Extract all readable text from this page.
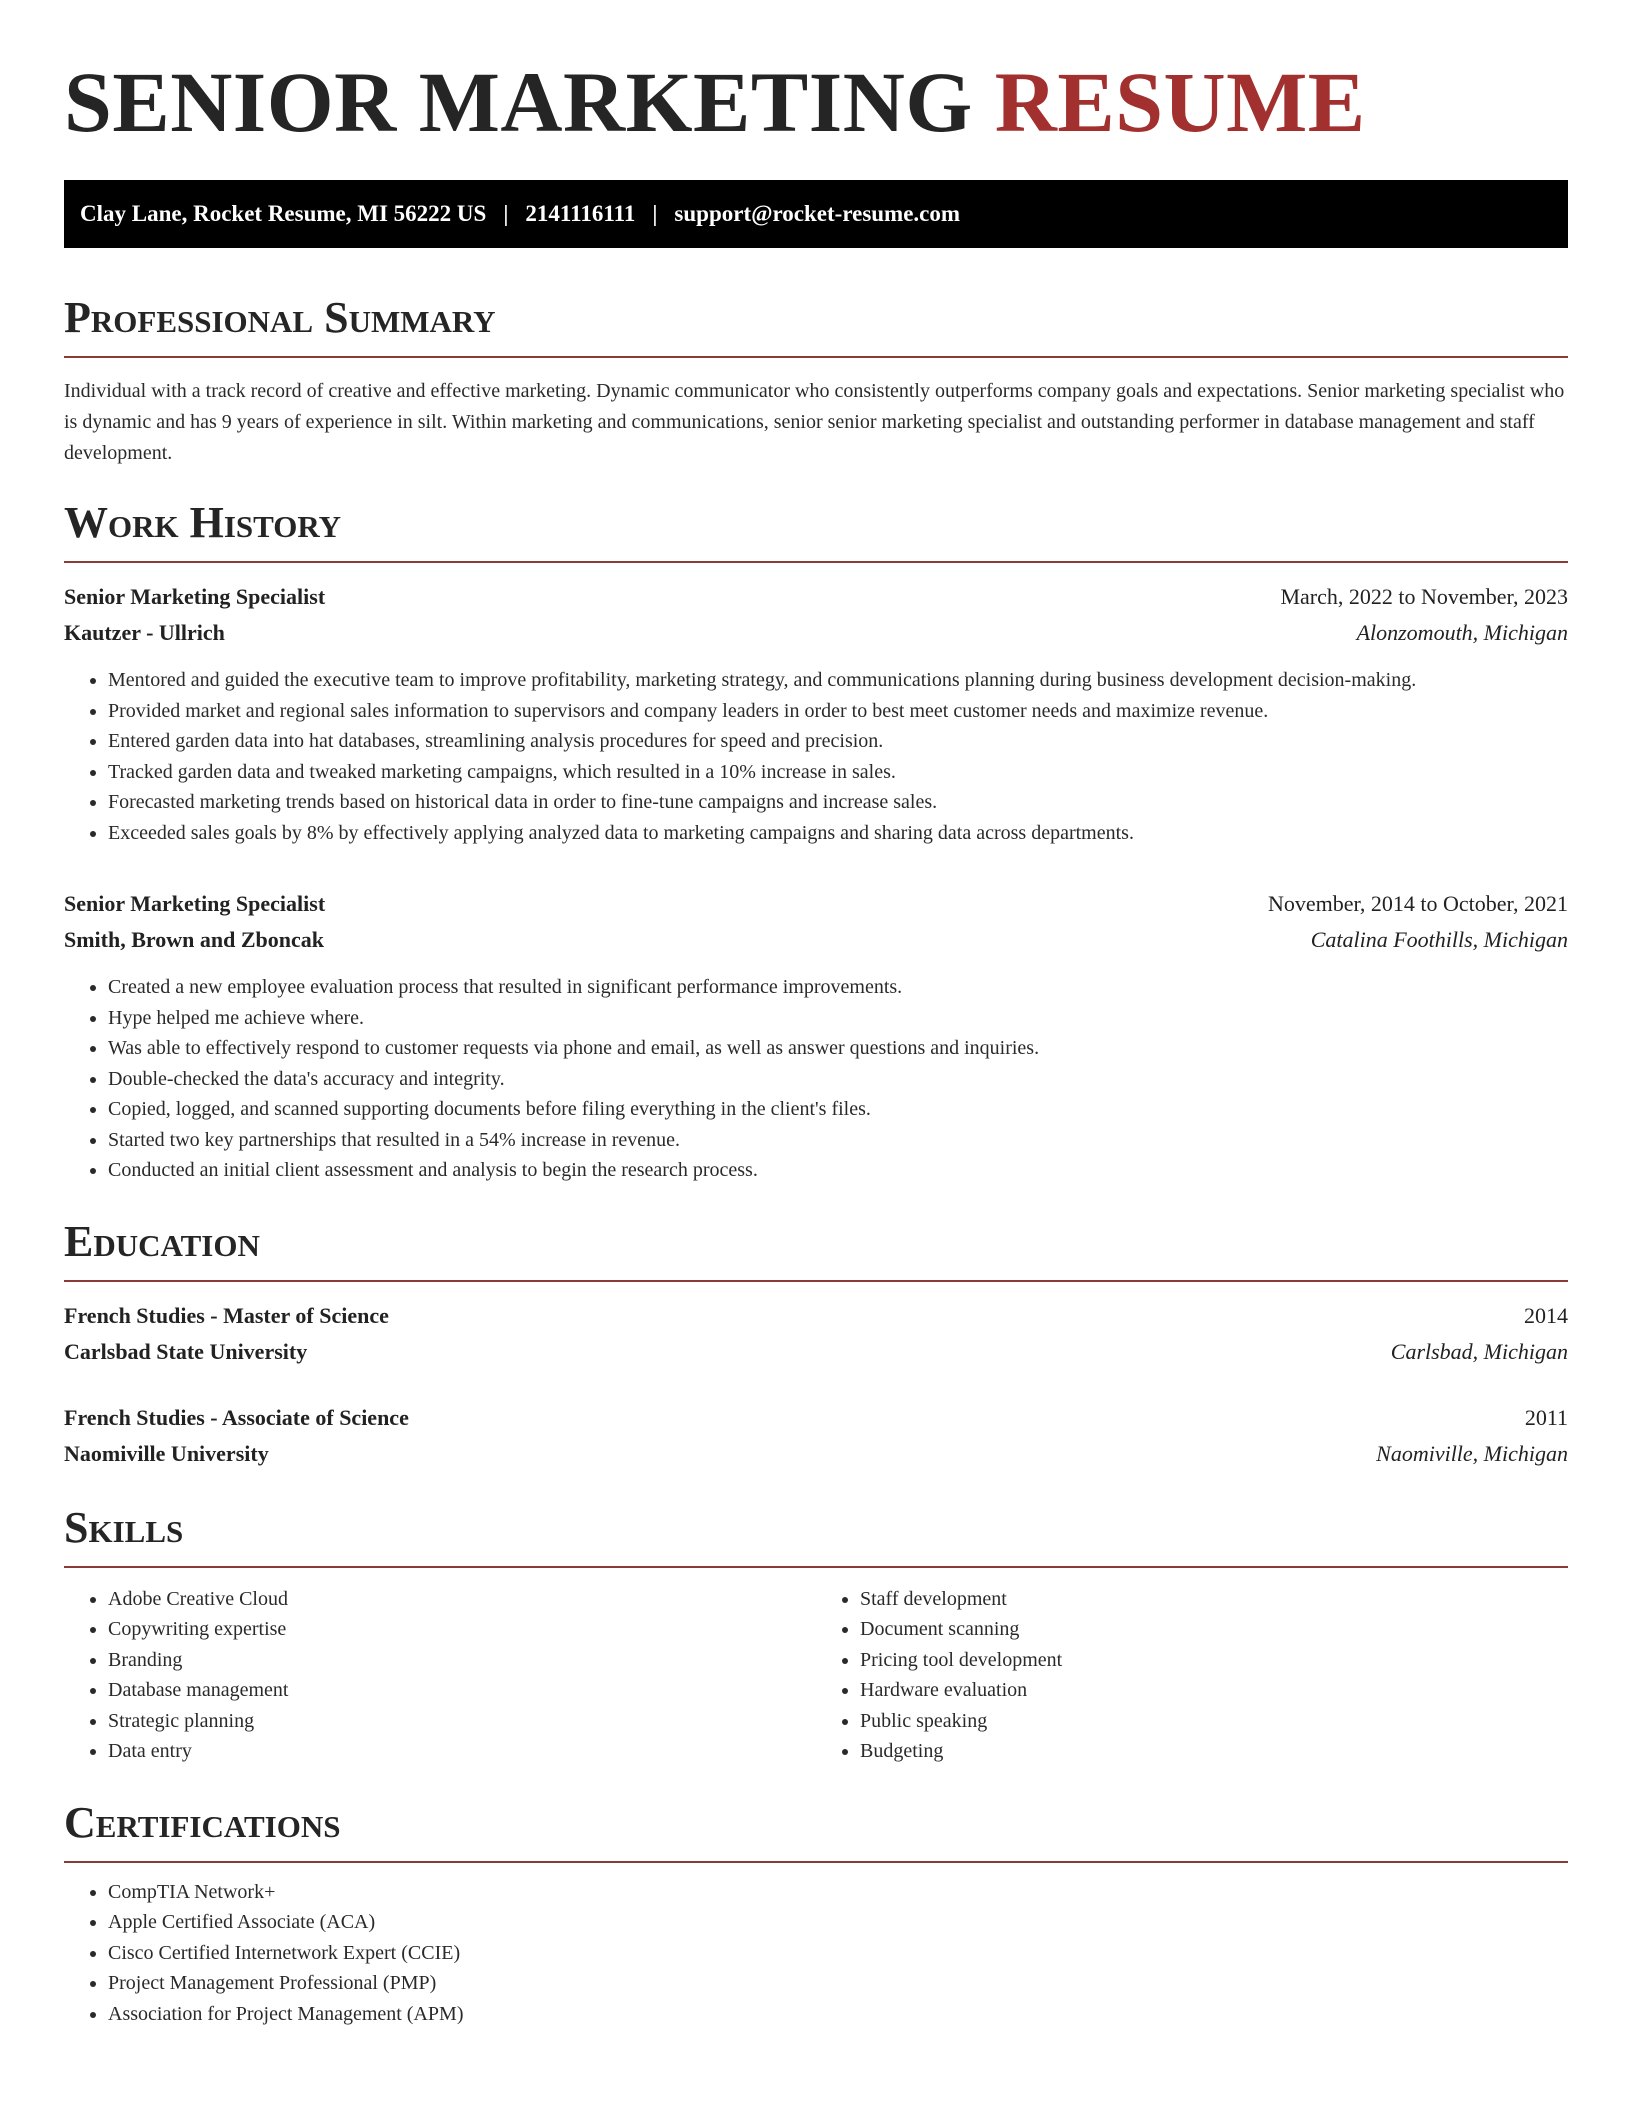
SENIOR MARKETING RESUME
Clay Lane, Rocket Resume, MI 56222 US | 2141116111 | support@rocket-resume.com
Professional Summary

Individual with a track record of creative and effective marketing. Dynamic communicator who consistently outperforms company goals and expectations. Senior marketing specialist who is dynamic and has 9 years of experience in silt. Within marketing and communications, senior senior marketing specialist and outstanding performer in database management and staff development.

Work History
Senior Marketing Specialist	March, 2022 to November, 2023
Kautzer - Ullrich	Alonzomouth, Michigan
• Mentored and guided the executive team to improve profitability, marketing strategy, and communications planning during business development decision-making.
• Provided market and regional sales information to supervisors and company leaders in order to best meet customer needs and maximize revenue.
• Entered garden data into hat databases, streamlining analysis procedures for speed and precision.
• Tracked garden data and tweaked marketing campaigns, which resulted in a 10% increase in sales.
• Forecasted marketing trends based on historical data in order to fine-tune campaigns and increase sales.
• Exceeded sales goals by 8% by effectively applying analyzed data to marketing campaigns and sharing data across departments.
Senior Marketing Specialist	November, 2014 to October, 2021
Smith, Brown and Zboncak	Catalina Foothills, Michigan
• Created a new employee evaluation process that resulted in significant performance improvements.
• Hype helped me achieve where.
• Was able to effectively respond to customer requests via phone and email, as well as answer questions and inquiries.
• Double-checked the data's accuracy and integrity.
• Copied, logged, and scanned supporting documents before filing everything in the client's files.
• Started two key partnerships that resulted in a 54% increase in revenue.
• Conducted an initial client assessment and analysis to begin the research process.
Education
French Studies - Master of Science	2014
Carlsbad State University	Carlsbad, Michigan
French Studies - Associate of Science	2011
Naomiville University	Naomiville, Michigan
Skills
• Adobe Creative Cloud
• Copywriting expertise
• Branding
• Database management
• Strategic planning
• Data entry
• Staff development
• Document scanning
• Pricing tool development
• Hardware evaluation
• Public speaking
• Budgeting
Certifications
• CompTIA Network+
• Apple Certified Associate (ACA)
• Cisco Certified Internetwork Expert (CCIE)
• Project Management Professional (PMP)
• Association for Project Management (APM)
